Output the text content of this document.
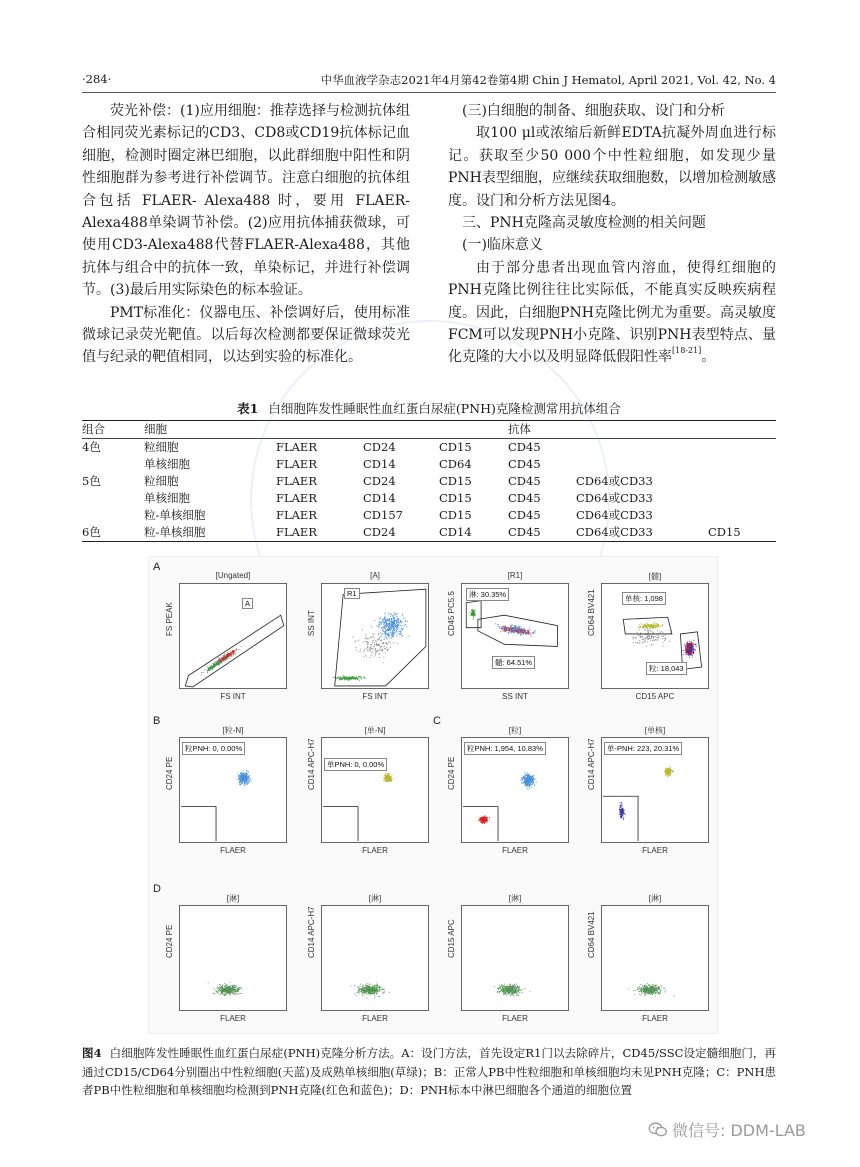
·284·	中华血液学杂志2021年4月第42卷第4期 Chin J Hematol, April 2021, Vol. 42, No. 4

荧光补偿：(1)应用细胞：推荐选择与检测抗体组合相同荧光素标记的CD3、CD8或CD19抗体标记血细胞，检测时圈定淋巴细胞，以此群细胞中阳性和阴性细胞群为参考进行补偿调节。注意白细胞的抗体组合包括 FLAER- Alexa488 时，要用 FLAER-Alexa488单染调节补偿。(2)应用抗体捕获微球，可使用CD3-Alexa488代替FLAER-Alexa488，其他抗体与组合中的抗体一致，单染标记，并进行补偿调节。(3)最后用实际染色的标本验证。

PMT标准化：仪器电压、补偿调好后，使用标准微球记录荧光靶值。以后每次检测都要保证微球荧光值与纪录的靶值相同，以达到实验的标准化。

(三)白细胞的制备、细胞获取、设门和分析

取100 μl或浓缩后新鲜EDTA抗凝外周血进行标记。获取至少50 000个中性粒细胞，如发现少量PNH表型细胞，应继续获取细胞数，以增加检测敏感度。设门和分析方法见图4。

三、PNH克隆高灵敏度检测的相关问题

(一)临床意义

由于部分患者出现血管内溶血，使得红细胞的PNH克隆比例往往比实际低，不能真实反映疾病程度。因此，白细胞PNH克隆比例尤为重要。高灵敏度FCM可以发现PNH小克隆、识别PNH表型特点、量化克隆的大小以及明显降低假阳性率[18-21]。

表1 白细胞阵发性睡眠性血红蛋白尿症(PNH)克隆检测常用抗体组合
组合	细胞	抗体
4色	粒细胞	FLAER	CD24	CD15	CD45
单核细胞	FLAER	CD14	CD64	CD45
5色	粒细胞	FLAER	CD24	CD15	CD45	CD64或CD33
单核细胞	FLAER	CD14	CD15	CD45	CD64或CD33
粒-单核细胞	FLAER	CD157	CD15	CD45	CD64或CD33
6色	粒-单核细胞	FLAER	CD24	CD14	CD45	CD64或CD33	CD15
A
B	C
D
[Ungated]
A
FS INT
FS PEAK
[A]
R1
FS INT
SS INT
[R1]
淋: 30.35%
髓: 64.51%
SS INT
CD45 PC5.5
[髓]
单核: 1,098
粒: 18,043
CD15 APC
CD64 BV421
[粒-N]
粒PNH: 0, 0.00%
FLAER
CD24 PE
[单-N]
单PNH: 0, 0.00%
FLAER
CD14 APC-H7
[粒]
粒PNH: 1,954, 10.83%
FLAER
CD24 PE
[单核]
单-PNH: 223, 20.31%
FLAER
CD14 APC-H7
[淋]
FLAER
CD24 PE
[淋]
FLAER
CD14 APC-H7
[淋]
FLAER
CD15 APC
[淋]
FLAER
CD64 BV421
图4 白细胞阵发性睡眠性血红蛋白尿症(PNH)克隆分析方法。A：设门方法，首先设定R1门以去除碎片，CD45/SSC设定髓细胞门，再通过CD15/CD64分别圈出中性粒细胞(天蓝)及成熟单核细胞(草绿)；B：正常人PB中性粒细胞和单核细胞均未见PNH克隆；C：PNH患者PB中性粒细胞和单核细胞均检测到PNH克隆(红色和蓝色)；D：PNH标本中淋巴细胞各个通道的细胞位置
微信号: DDM-LAB
